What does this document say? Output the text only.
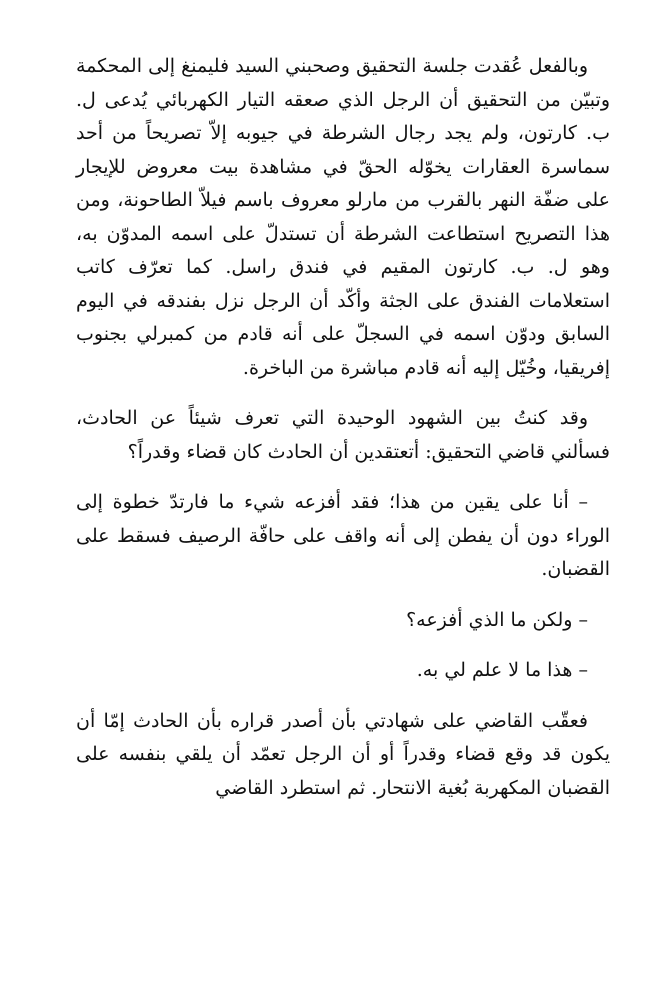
وبالفعل عُقدت جلسة التحقيق وصحبني السيد فليمنغ إلى المحكمة وتبيّن من التحقيق أن الرجل الذي صعقه التيار الكهربائي يُدعى ل. ب. كارتون، ولم يجد رجال الشرطة في جيوبه إلاّ تصريحاً من أحد سماسرة العقارات يخوّله الحقّ في مشاهدة بيت معروض للإيجار على ضفّة النهر بالقرب من مارلو معروف باسم فيلاّ الطاحونة، ومن هذا التصريح استطاعت الشرطة أن تستدلّ على اسمه المدوّن به، وهو ل. ب. كارتون المقيم في فندق راسل. كما تعرّف كاتب استعلامات الفندق على الجثة وأكّد أن الرجل نزل بفندقه في اليوم السابق ودوّن اسمه في السجلّ على أنه قادم من كمبرلي بجنوب إفريقيا، وخُيّل إليه أنه قادم مباشرة من الباخرة.

وقد كنتُ بين الشهود الوحيدة التي تعرف شيئاً عن الحادث، فسألني قاضي التحقيق: أتعتقدين أن الحادث كان قضاء وقدراً؟

– أنا على يقين من هذا؛ فقد أفزعه شيء ما فارتدّ خطوة إلى الوراء دون أن يفطن إلى أنه واقف على حافّة الرصيف فسقط على القضبان.

– ولكن ما الذي أفزعه؟

– هذا ما لا علم لي به.

فعقّب القاضي على شهادتي بأن أصدر قراره بأن الحادث إمّا أن يكون قد وقع قضاء وقدراً أو أن الرجل تعمّد أن يلقي بنفسه على القضبان المكهربة بُغية الانتحار. ثم استطرد القاضي
